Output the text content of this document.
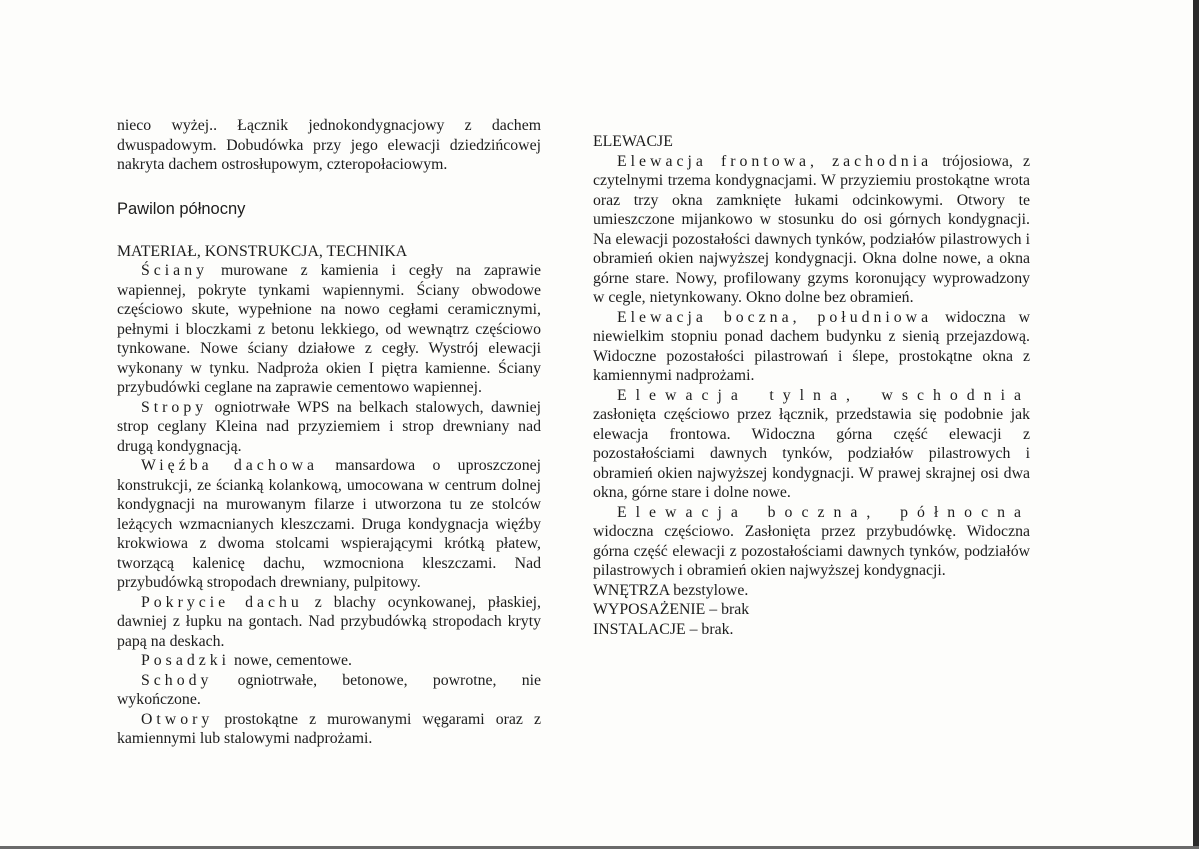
nieco wyżej.. Łącznik jednokondygnacjowy z dachem dwuspadowym. Dobudówka przy jego elewacji dziedzińcowej nakryta dachem ostrosłupowym, czteropołaciowym.

Pawilon północny

MATERIAŁ, KONSTRUKCJA, TECHNIKA

Ściany murowane z kamienia i cegły na zaprawie wapiennej, pokryte tynkami wapiennymi. Ściany obwodowe częściowo skute, wypełnione na nowo cegłami ceramicznymi, pełnymi i bloczkami z betonu lekkiego, od wewnątrz częściowo tynkowane. Nowe ściany działowe z cegły. Wystrój elewacji wykonany w tynku. Nadproża okien I piętra kamienne. Ściany przybudówki ceglane na zaprawie cementowo wapiennej.

Stropy ogniotrwałe WPS na belkach stalowych, dawniej strop ceglany Kleina nad przyziemiem i strop drewniany nad drugą kondygnacją.

Więźba dachowa mansardowa o uproszczonej konstrukcji, ze ścianką kolankową, umocowana w centrum dolnej kondygnacji na murowanym filarze i utworzona tu ze stolców leżących wzmacnianych kleszczami. Druga kondygnacja więźby krokwiowa z dwoma stolcami wspierającymi krótką płatew, tworzącą kalenicę dachu, wzmocniona kleszczami. Nad przybudówką stropodach drewniany, pulpitowy.

Pokrycie dachu z blachy ocynkowanej, płaskiej, dawniej z łupku na gontach. Nad przybudówką stropodach kryty papą na deskach.

Posadzki nowe, cementowe.

Schody ogniotrwałe, betonowe, powrotne, nie wykończone.

Otwory prostokątne z murowanymi węgarami oraz z kamiennymi lub stalowymi nadprożami.

ELEWACJE

Elewacja frontowa, zachodnia trójosiowa, z czytelnymi trzema kondygnacjami. W przyziemiu prostokątne wrota oraz trzy okna zamknięte łukami odcinkowymi. Otwory te umieszczone mijankowo w stosunku do osi górnych kondygnacji. Na elewacji pozostałości dawnych tynków, podziałów pilastrowych i obramień okien najwyższej kondygnacji. Okna dolne nowe, a okna górne stare. Nowy, profilowany gzyms koronujący wyprowadzony w cegle, nietynkowany. Okno dolne bez obramień.

Elewacja boczna, południowa widoczna w niewielkim stopniu ponad dachem budynku z sienią przejazdową. Widoczne pozostałości pilastrowań i ślepe, prostokątne okna z kamiennymi nadprożami.

Elewacja tylna, wschodnia zasłonięta częściowo przez łącznik, przedstawia się podobnie jak elewacja frontowa. Widoczna górna część elewacji z pozostałościami dawnych tynków, podziałów pilastrowych i obramień okien najwyższej kondygnacji. W prawej skrajnej osi dwa okna, górne stare i dolne nowe.

Elewacja boczna, północna widoczna częściowo. Zasłonięta przez przybudówkę. Widoczna górna część elewacji z pozostałościami dawnych tynków, podziałów pilastrowych i obramień okien najwyższej kondygnacji.

WNĘTRZA bezstylowe.

WYPOSAŻENIE – brak

INSTALACJE – brak.
